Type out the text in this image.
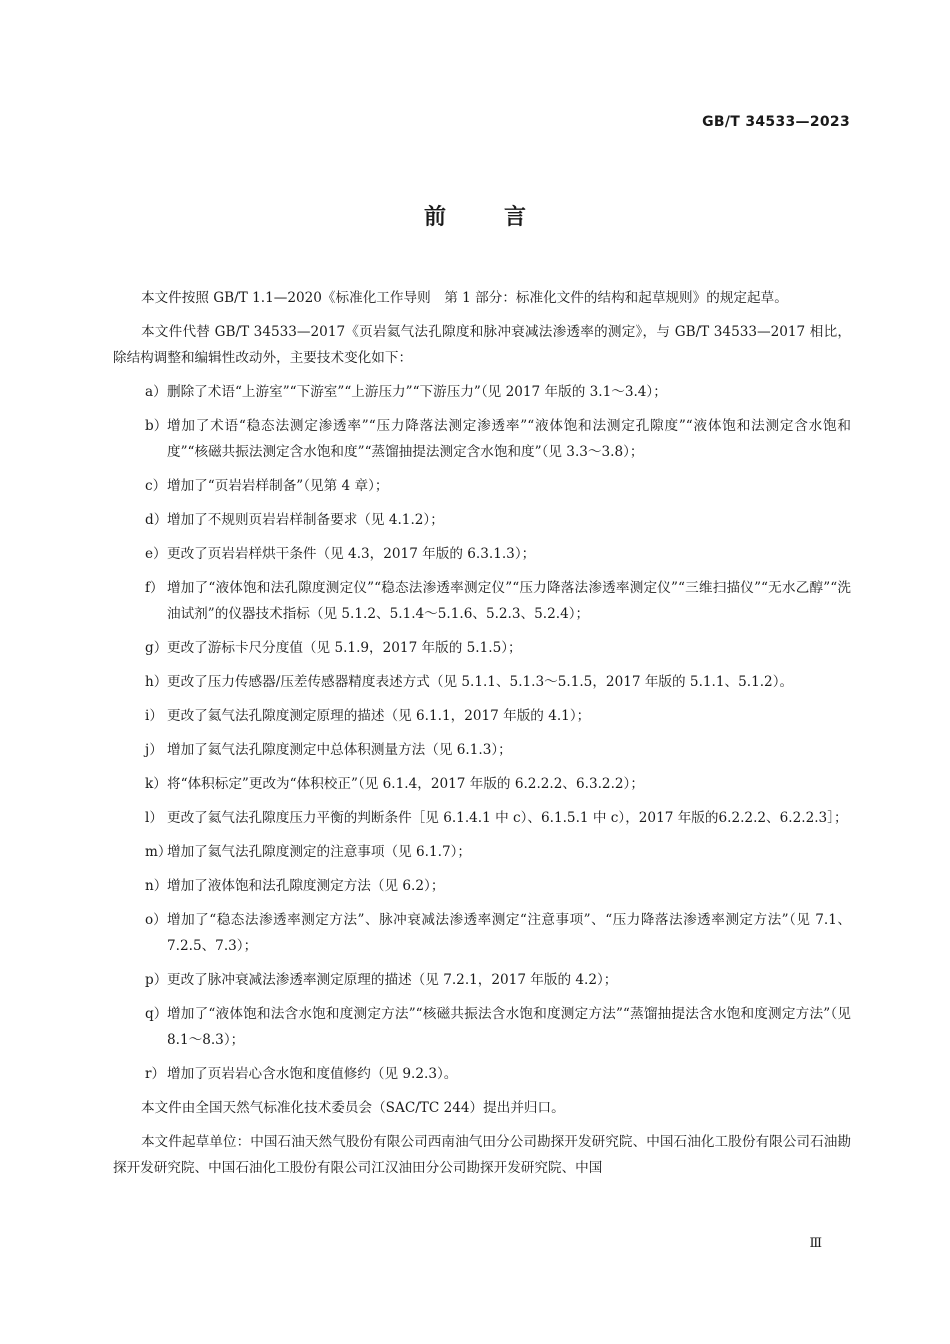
GB/T 34533—2023
前言

本文件按照 GB/T 1.1—2020《标准化工作导则　第 1 部分：标准化文件的结构和起草规则》的规定起草。

本文件代替 GB/T 34533—2017《页岩氦气法孔隙度和脉冲衰减法渗透率的测定》，与 GB/T 34533—2017 相比，除结构调整和编辑性改动外，主要技术变化如下：

a） 删除了术语“上游室”“下游室”“上游压力”“下游压力”（见 2017 年版的 3.1～3.4）；
b） 增加了术语“稳态法测定渗透率”“压力降落法测定渗透率”“液体饱和法测定孔隙度”“液体饱和法测定含水饱和度”“核磁共振法测定含水饱和度”“蒸馏抽提法测定含水饱和度”（见 3.3～3.8）；
c） 增加了“页岩岩样制备”（见第 4 章）；
d） 增加了不规则页岩岩样制备要求（见 4.1.2）；
e） 更改了页岩岩样烘干条件（见 4.3，2017 年版的 6.3.1.3）；
f） 增加了“液体饱和法孔隙度测定仪”“稳态法渗透率测定仪”“压力降落法渗透率测定仪”“三维扫描仪”“无水乙醇”“洗油试剂”的仪器技术指标（见 5.1.2、5.1.4～5.1.6、5.2.3、5.2.4）；
g） 更改了游标卡尺分度值（见 5.1.9，2017 年版的 5.1.5）；
h） 更改了压力传感器/压差传感器精度表述方式（见 5.1.1、5.1.3～5.1.5，2017 年版的 5.1.1、5.1.2）。
i） 更改了氦气法孔隙度测定原理的描述（见 6.1.1，2017 年版的 4.1）；
j） 增加了氦气法孔隙度测定中总体积测量方法（见 6.1.3）；
k） 将“体积标定”更改为“体积校正”（见 6.1.4，2017 年版的 6.2.2.2、6.3.2.2）；
l） 更改了氦气法孔隙度压力平衡的判断条件［见 6.1.4.1 中 c）、6.1.5.1 中 c），2017 年版的6.2.2.2、6.2.2.3］；
m）
增加了氦气法孔隙度测定的注意事项（见 6.1.7）；
n） 增加了液体饱和法孔隙度测定方法（见 6.2）；
o） 增加了“稳态法渗透率测定方法”、脉冲衰减法渗透率测定“注意事项”、“压力降落法渗透率测定方法”（见 7.1、7.2.5、7.3）；
p） 更改了脉冲衰减法渗透率测定原理的描述（见 7.2.1，2017 年版的 4.2）；
q） 增加了“液体饱和法含水饱和度测定方法”“核磁共振法含水饱和度测定方法”“蒸馏抽提法含水饱和度测定方法”（见 8.1～8.3）；
r） 增加了页岩岩心含水饱和度值修约（见 9.2.3）。

本文件由全国天然气标准化技术委员会（SAC/TC 244）提出并归口。

本文件起草单位：中国石油天然气股份有限公司西南油气田分公司勘探开发研究院、中国石油化工股份有限公司石油勘探开发研究院、中国石油化工股份有限公司江汉油田分公司勘探开发研究院、中国

Ⅲ
